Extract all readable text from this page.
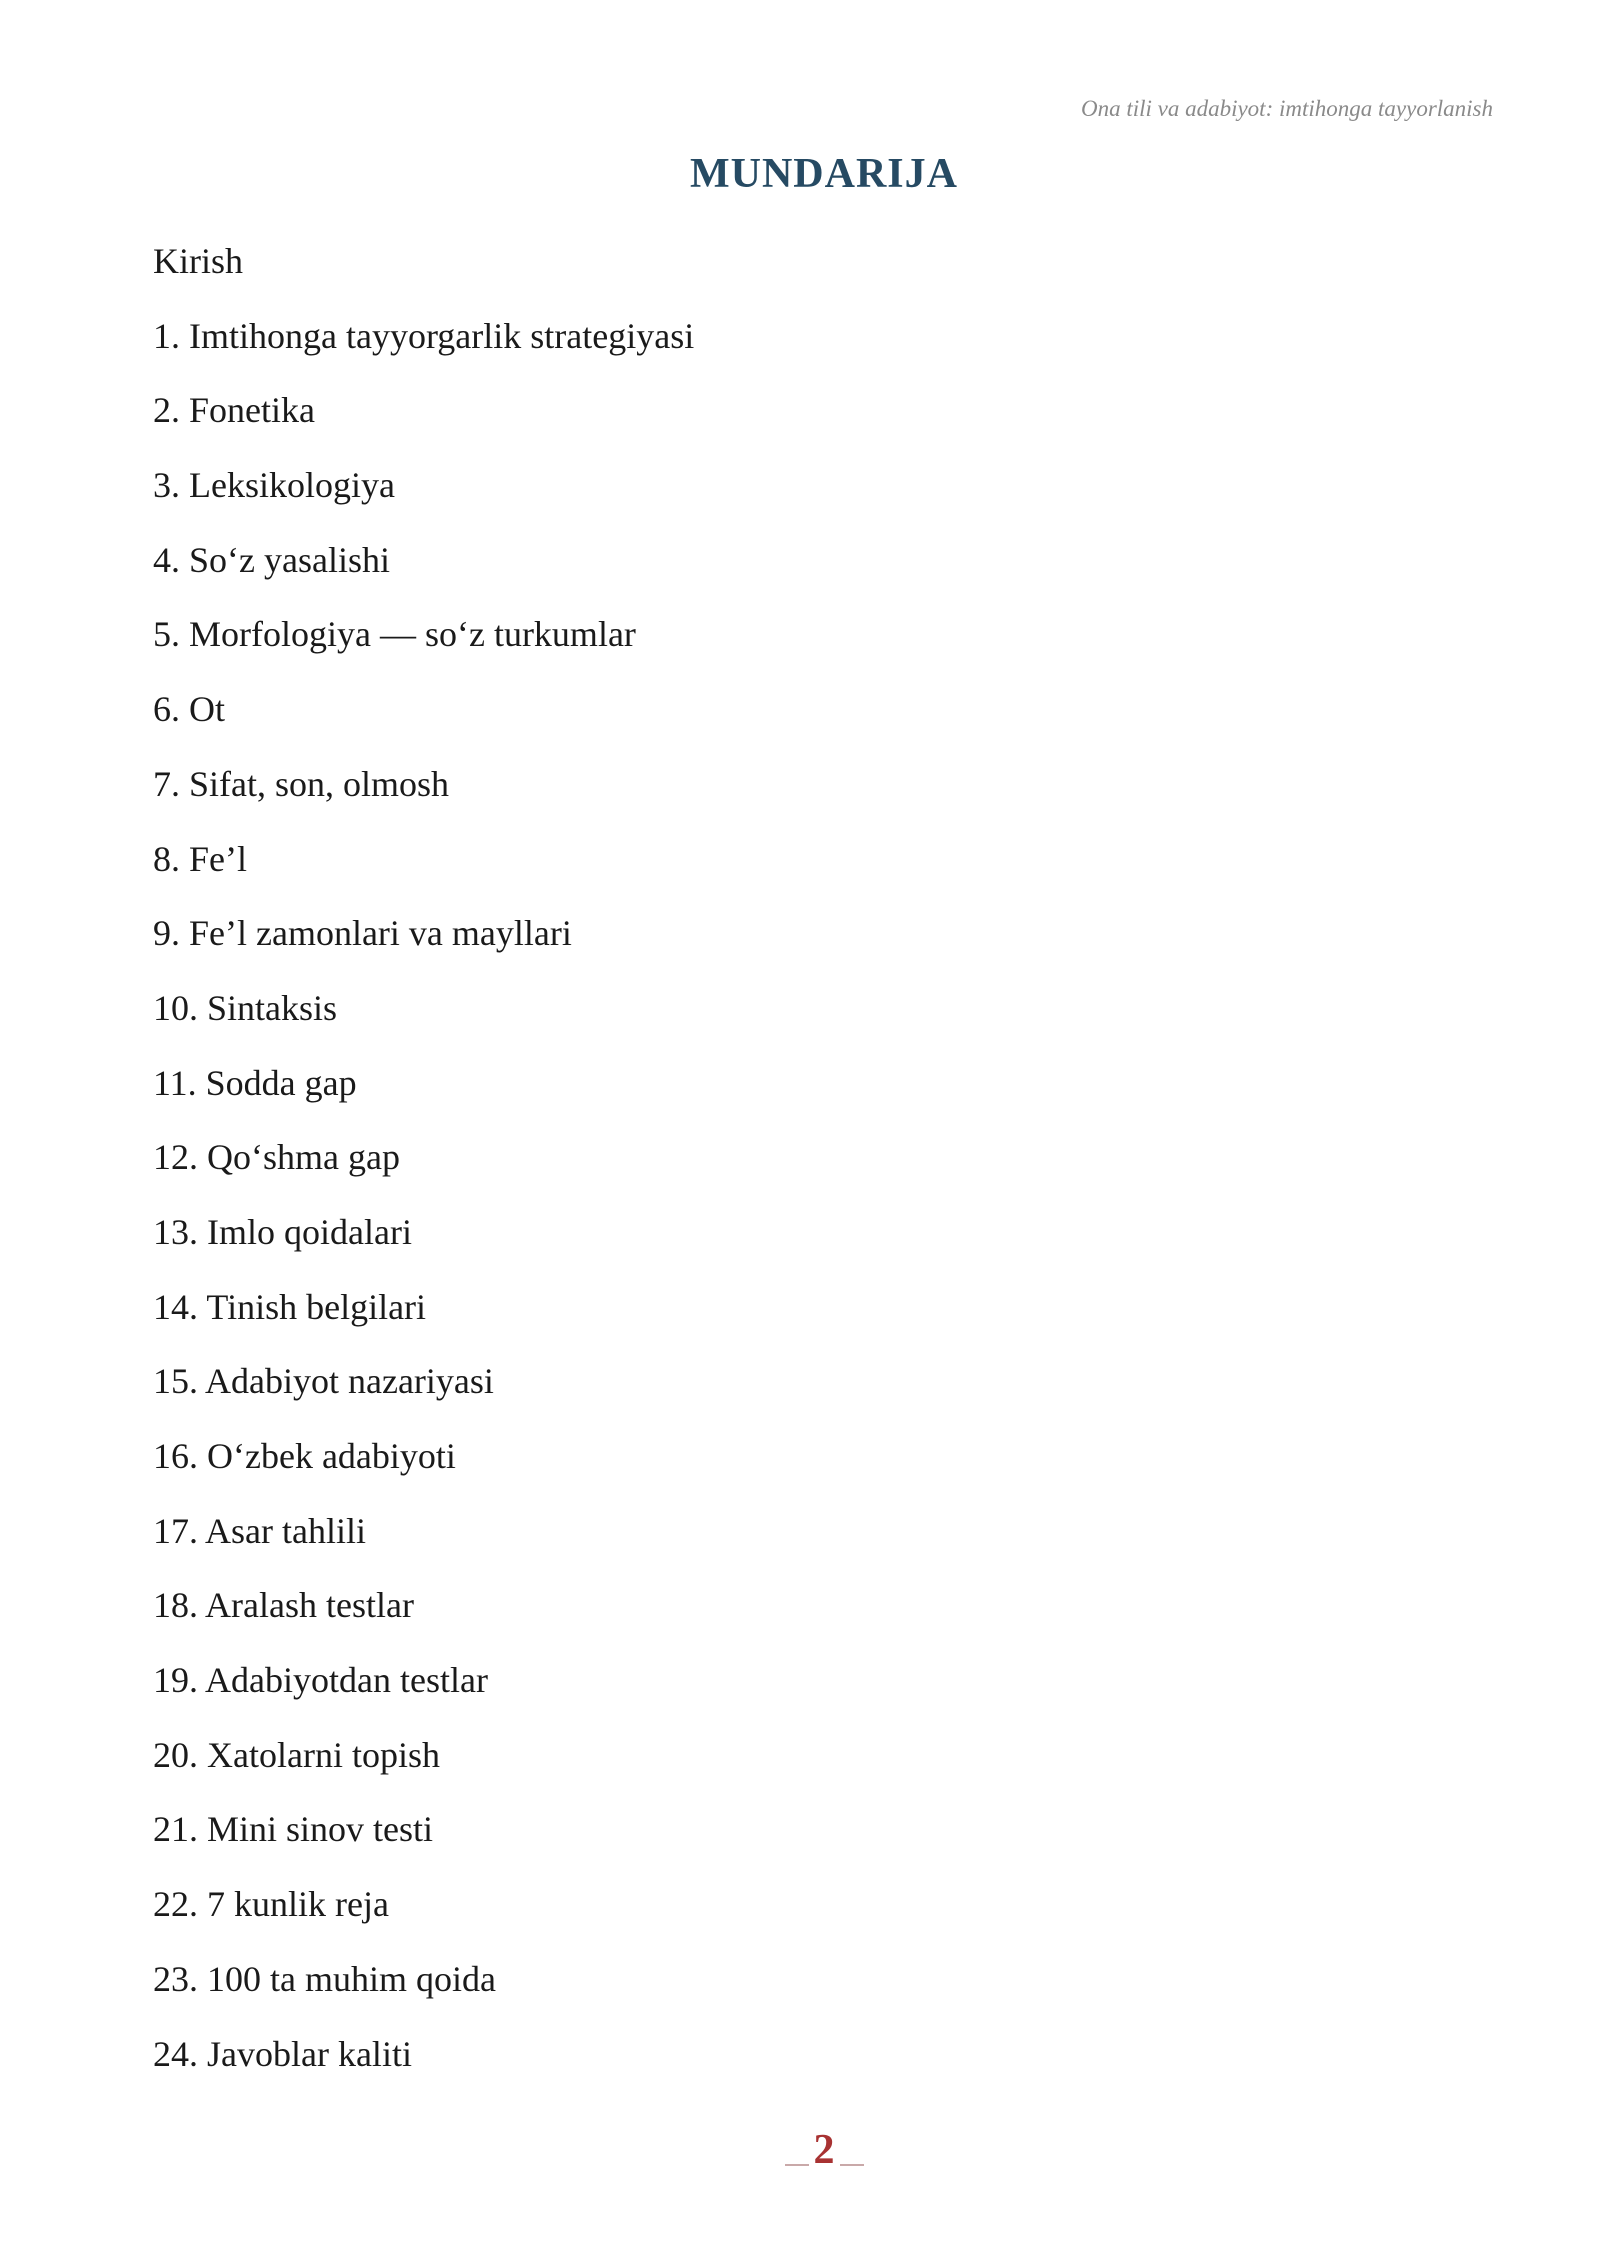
Ona tili va adabiyot: imtihonga tayyorlanish
MUNDARIJA
Kirish
1. Imtihonga tayyorgarlik strategiyasi
2. Fonetika
3. Leksikologiya
4. So‘z yasalishi
5. Morfologiya — so‘z turkumlar
6. Ot
7. Sifat, son, olmosh
8. Fe’l
9. Fe’l zamonlari va mayllari
10. Sintaksis
11. Sodda gap
12. Qo‘shma gap
13. Imlo qoidalari
14. Tinish belgilari
15. Adabiyot nazariyasi
16. O‘zbek adabiyoti
17. Asar tahlili
18. Aralash testlar
19. Adabiyotdan testlar
20. Xatolarni topish
21. Mini sinov testi
22. 7 kunlik reja
23. 100 ta muhim qoida
24. Javoblar kaliti
2
